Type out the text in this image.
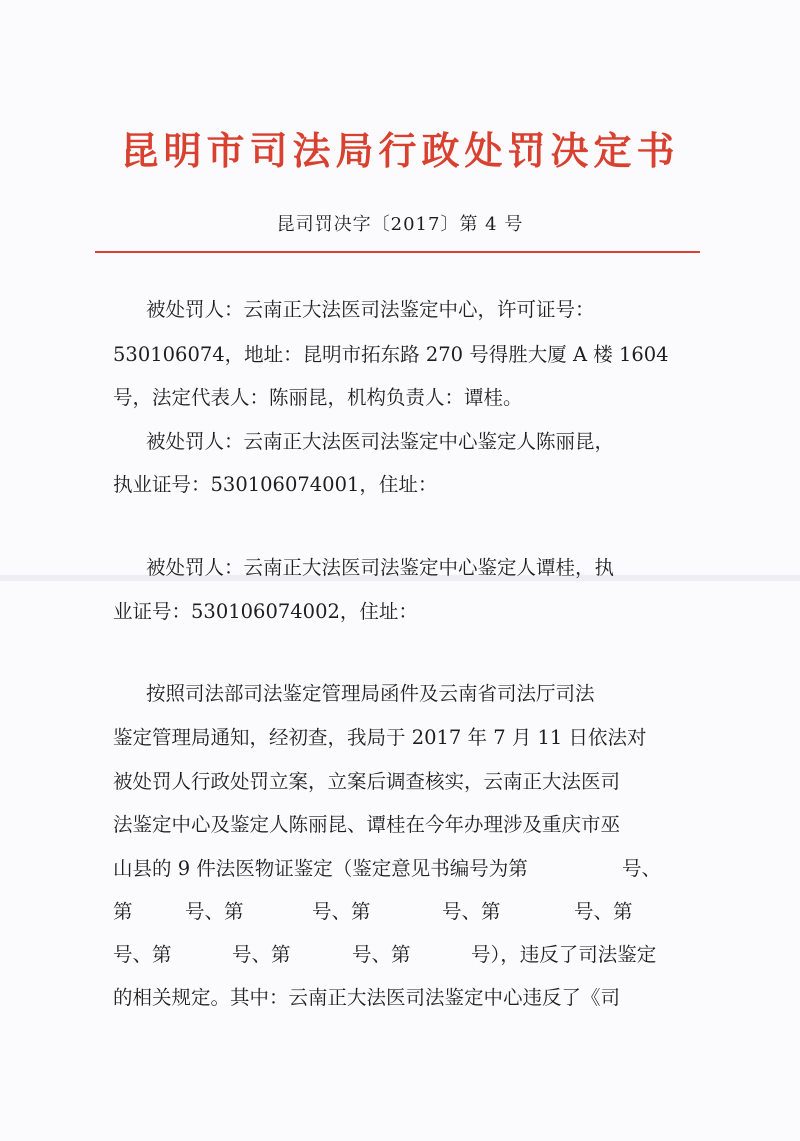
昆明市司法局行政处罚决定书
昆司罚决字〔2017〕第 4 号
被处罚人：云南正大法医司法鉴定中心，许可证号：
530106074，地址：昆明市拓东路 270 号得胜大厦 A 楼 1604
号，法定代表人：陈丽昆，机构负责人：谭桂。
被处罚人：云南正大法医司法鉴定中心鉴定人陈丽昆，
执业证号：530106074001，住址：
被处罚人：云南正大法医司法鉴定中心鉴定人谭桂，执
业证号：530106074002，住址：
按照司法部司法鉴定管理局函件及云南省司法厅司法
鉴定管理局通知，经初查，我局于 2017 年 7 月 11 日依法对
被处罚人行政处罚立案，立案后调查核实，云南正大法医司
法鉴定中心及鉴定人陈丽昆、谭桂在今年办理涉及重庆市巫
山县的 9 件法医物证鉴定（鉴定意见书编号为第	号、
第	号、第	号、第	号、第	号、第
号、第	号、第	号、第	号），违反了司法鉴定
的相关规定。其中：云南正大法医司法鉴定中心违反了《司
